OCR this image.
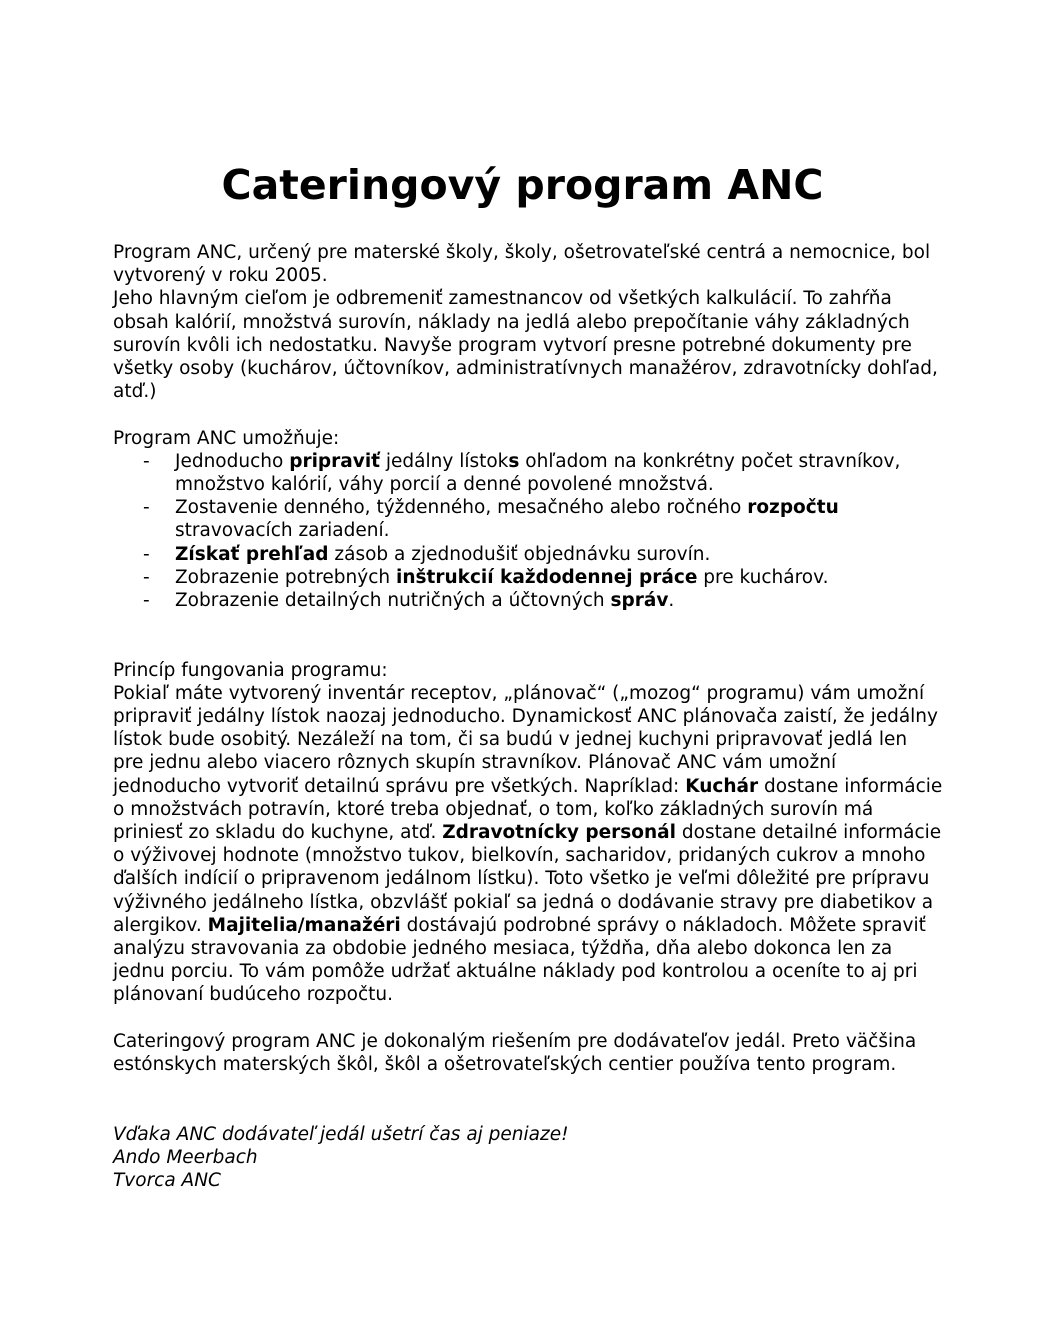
Cateringový program ANC

Program ANC, určený pre materské školy, školy, ošetrovateľské centrá a nemocnice, bol vytvorený v roku 2005.

Jeho hlavným cieľom je odbremeniť zamestnancov od všetkých kalkulácií. To zahŕňa obsah kalórií, množstvá surovín, náklady na jedlá alebo prepočítanie váhy základných surovín kvôli ich nedostatku. Navyše program vytvorí presne potrebné dokumenty pre všetky osoby (kuchárov, účtovníkov, administratívnych manažérov, zdravotnícky dohľad, atď.)

Program ANC umožňuje:

- Jednoducho pripraviť jedálny lístoks ohľadom na konkrétny počet stravníkov, množstvo kalórií, váhy porcií a denné povolené množstvá.
- Zostavenie denného, týždenného, mesačného alebo ročného rozpočtu stravovacích zariadení.
- Získať prehľad zásob a zjednodušiť objednávku surovín.
- Zobrazenie potrebných inštrukcií každodennej práce pre kuchárov.
- Zobrazenie detailných nutričných a účtovných správ.

Princíp fungovania programu:

Pokiaľ máte vytvorený inventár receptov, „plánovač“ („mozog“ programu) vám umožní pripraviť jedálny lístok naozaj jednoducho. Dynamickosť ANC plánovača zaistí, že jedálny lístok bude osobitý. Nezáleží na tom, či sa budú v jednej kuchyni pripravovať jedlá len pre jednu alebo viacero rôznych skupín stravníkov. Plánovač ANC vám umožní jednoducho vytvoriť detailnú správu pre všetkých. Napríklad: Kuchár dostane informácie o množstvách potravín, ktoré treba objednať, o tom, koľko základných surovín má priniesť zo skladu do kuchyne, atď. Zdravotnícky personál dostane detailné informácie o výživovej hodnote (množstvo tukov, bielkovín, sacharidov, pridaných cukrov a mnoho ďalších indícií o pripravenom jedálnom lístku). Toto všetko je veľmi dôležité pre prípravu výživného jedálneho lístka, obzvlášť pokiaľ sa jedná o dodávanie stravy pre diabetikov a alergikov. Majitelia/manažéri dostávajú podrobné správy o nákladoch. Môžete spraviť analýzu stravovania za obdobie jedného mesiaca, týždňa, dňa alebo dokonca len za jednu porciu. To vám pomôže udržať aktuálne náklady pod kontrolou a oceníte to aj pri plánovaní budúceho rozpočtu.

Cateringový program ANC je dokonalým riešením pre dodávateľov jedál. Preto väčšina estónskych materských škôl, škôl a ošetrovateľských centier používa tento program.

Vďaka ANC dodávateľ jedál ušetrí čas aj peniaze!

Ando Meerbach

Tvorca ANC
